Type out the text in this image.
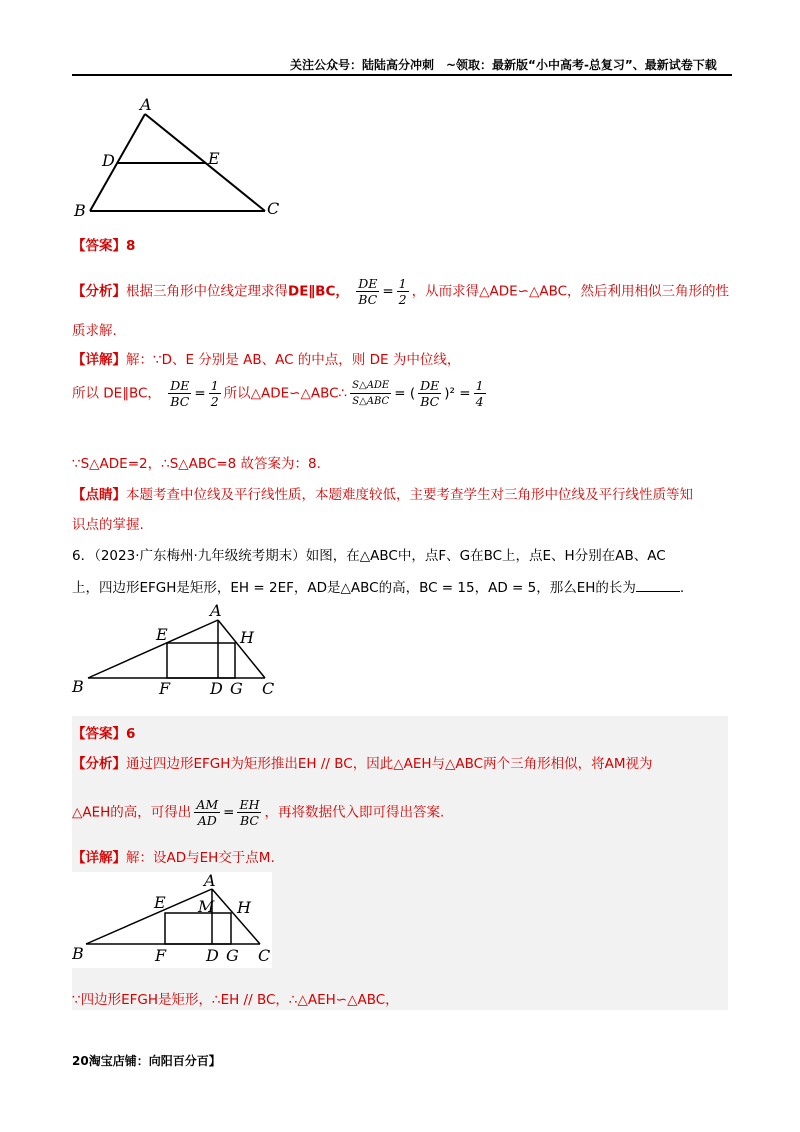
关注公众号：陆陆高分冲刺　~领取：最新版“小中高考-总复习”、最新试卷下载
A
D	E
B	C
【答案】8
【分析】根据三角形中位线定理求得DE∥BC， $\frac{DE}{BC} = \frac{1}{2}$ ，从而求得△ADE∽△ABC，然后利用相似三角形的性
质求解.
【详解】解：∵D、E 分别是 AB、AC 的中点，则 DE 为中位线，
所以 DE∥BC， $\frac{DE}{BC} = \frac{1}{2}$ 所以△ADE∽△ABC∴ $\frac{\text{S△ADE}}{\text{S△ABC}}$ = ( $\frac{DE}{BC} )^2 = \frac{1}{4}$
∵S△ADE=2，∴S△ABC=8 故答案为：8.
【点睛】本题考查中位线及平行线性质，本题难度较低，主要考查学生对三角形中位线及平行线性质等知
识点的掌握.
6．（2023·广东梅州·九年级统考期末）如图，在△ABC中，点F、G在BC上，点E、H分别在AB、AC
上，四边形EFGH是矩形，EH = 2EF，AD是△ABC的高，BC = 15，AD = 5，那么EH的长为	.
A
E	H
B	F D G C
【答案】6
【分析】通过四边形EFGH为矩形推出EH // BC，因此△AEH与△ABC两个三角形相似，将AM视为
△AEH的高，可得出 $\frac{AM}{AD} = \frac{EH}{BC}$ ，再将数据代入即可得出答案.
【详解】解：设AD与EH交于点M.
A
E M H
B	F D G C
∵四边形EFGH是矩形，∴EH // BC，∴△AEH∽△ABC，
20淘宝店铺：向阳百分百】
